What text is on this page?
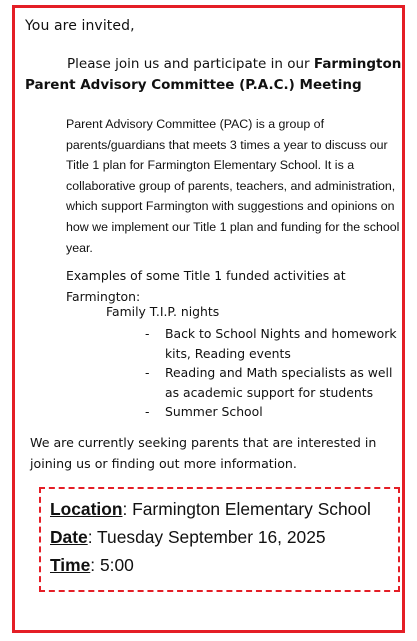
You are invited,
Please join us and participate in our Farmington
Parent Advisory Committee (P.A.C.) Meeting

Parent Advisory Committee (PAC) is a group of parents/guardians that meets 3 times a year to discuss our Title 1 plan for Farmington Elementary School. It is a collaborative group of parents, teachers, and administration, which support Farmington with suggestions and opinions on how we implement our Title 1 plan and funding for the school year.

Examples of some Title 1 funded activities at Farmington:

Family T.I.P. nights
- Back to School Nights and homework kits, Reading events
- Reading and Math specialists as well as academic support for students
- Summer School

We are currently seeking parents that are interested in joining us or finding out more information.

Location: Farmington Elementary School
Date: Tuesday September 16, 2025
Time: 5:00
